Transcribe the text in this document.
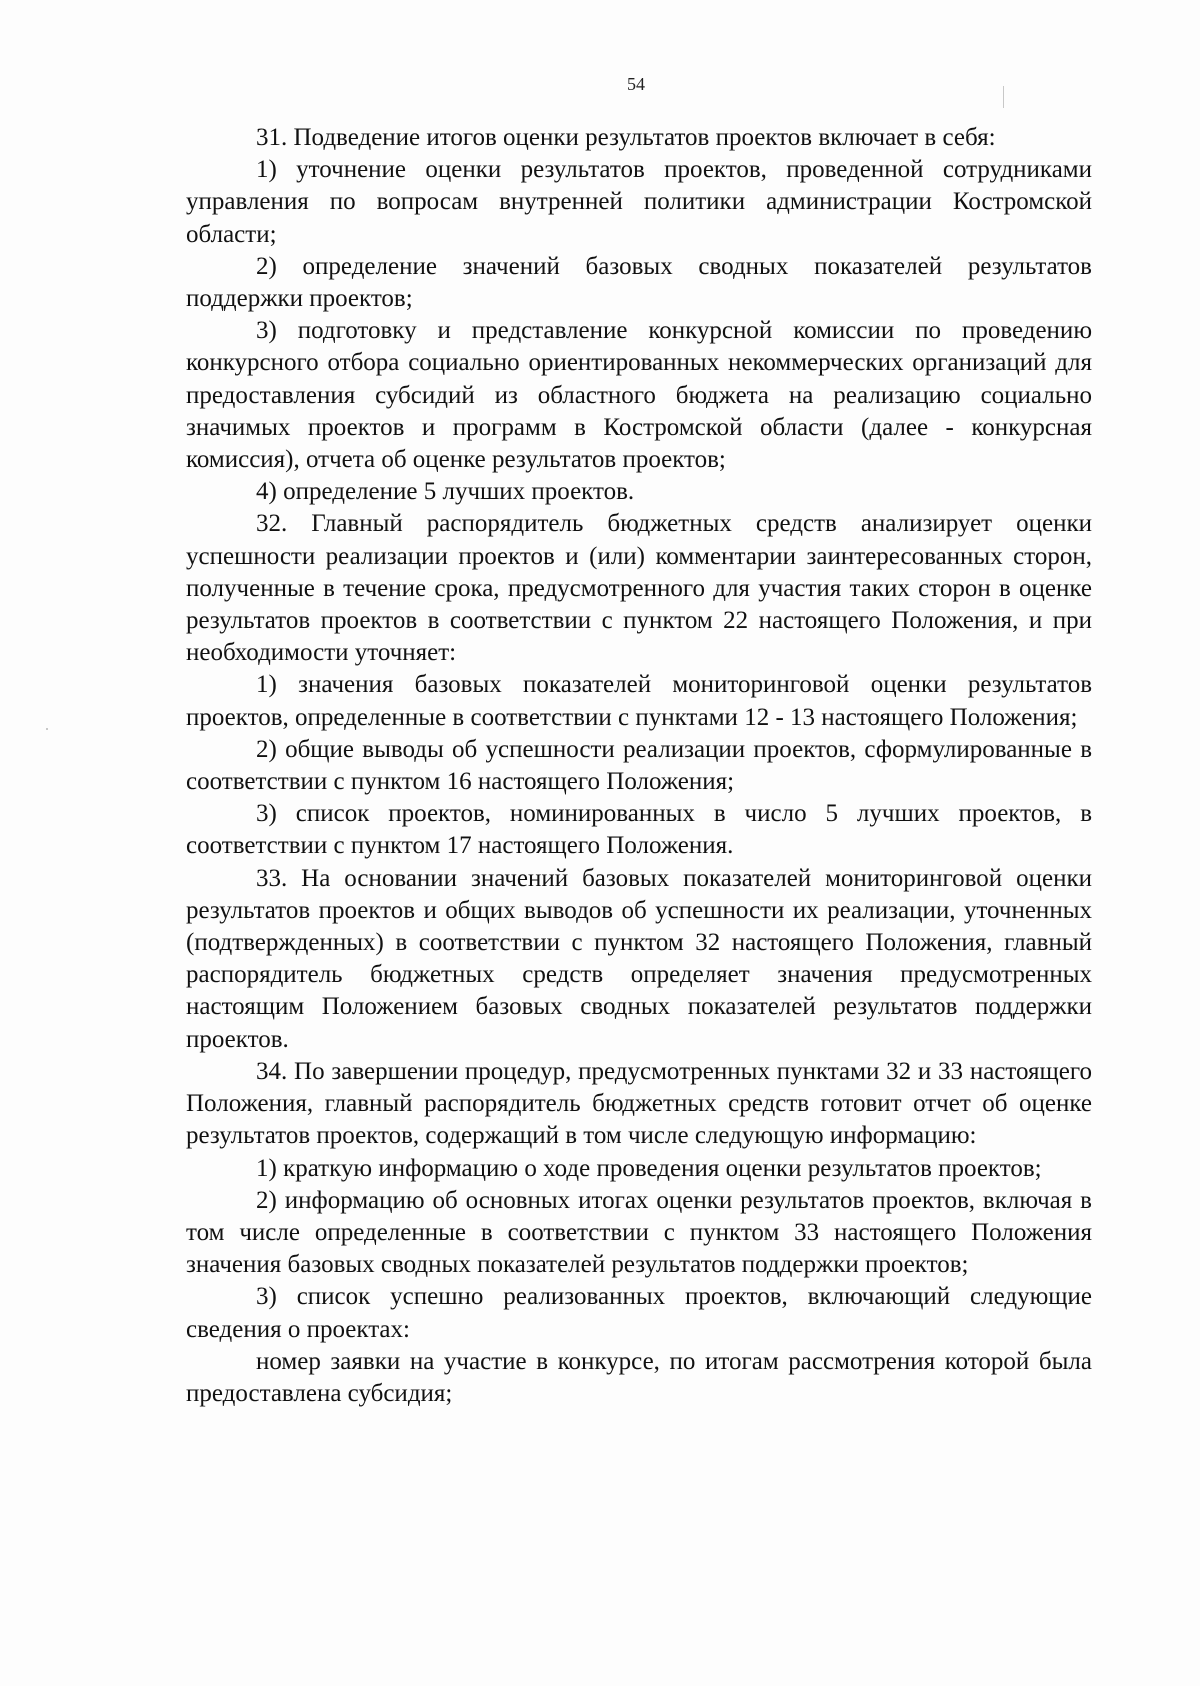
54

31. Подведение итогов оценки результатов проектов включает в себя:

1) уточнение оценки результатов проектов, проведенной сотрудниками управления по вопросам внутренней политики администрации Костромской области;

2) определение значений базовых сводных показателей результатов поддержки проектов;

3) подготовку и представление конкурсной комиссии по проведению конкурсного отбора социально ориентированных некоммерческих организаций для предоставления субсидий из областного бюджета на реализацию социально значимых проектов и программ в Костромской области (далее - конкурсная комиссия), отчета об оценке результатов проектов;

4) определение 5 лучших проектов.

32. Главный распорядитель бюджетных средств анализирует оценки успешности реализации проектов и (или) комментарии заинтересованных сторон, полученные в течение срока, предусмотренного для участия таких сторон в оценке результатов проектов в соответствии с пунктом 22 настоящего Положения, и при необходимости уточняет:

1) значения базовых показателей мониторинговой оценки результатов проектов, определенные в соответствии с пунктами 12 - 13 настоящего Положения;

2) общие выводы об успешности реализации проектов, сформулированные в соответствии с пунктом 16 настоящего Положения;

3) список проектов, номинированных в число 5 лучших проектов, в соответствии с пунктом 17 настоящего Положения.

33. На основании значений базовых показателей мониторинговой оценки результатов проектов и общих выводов об успешности их реализации, уточненных (подтвержденных) в соответствии с пунктом 32 настоящего Положения, главный распорядитель бюджетных средств определяет значения предусмотренных настоящим Положением базовых сводных показателей результатов поддержки проектов.

34. По завершении процедур, предусмотренных пунктами 32 и 33 настоящего Положения, главный распорядитель бюджетных средств готовит отчет об оценке результатов проектов, содержащий в том числе следующую информацию:

1) краткую информацию о ходе проведения оценки результатов проектов;

2) информацию об основных итогах оценки результатов проектов, включая в том числе определенные в соответствии с пунктом 33 настоящего Положения значения базовых сводных показателей результатов поддержки проектов;

3) список успешно реализованных проектов, включающий следующие сведения о проектах:

номер заявки на участие в конкурсе, по итогам рассмотрения которой была предоставлена субсидия;
